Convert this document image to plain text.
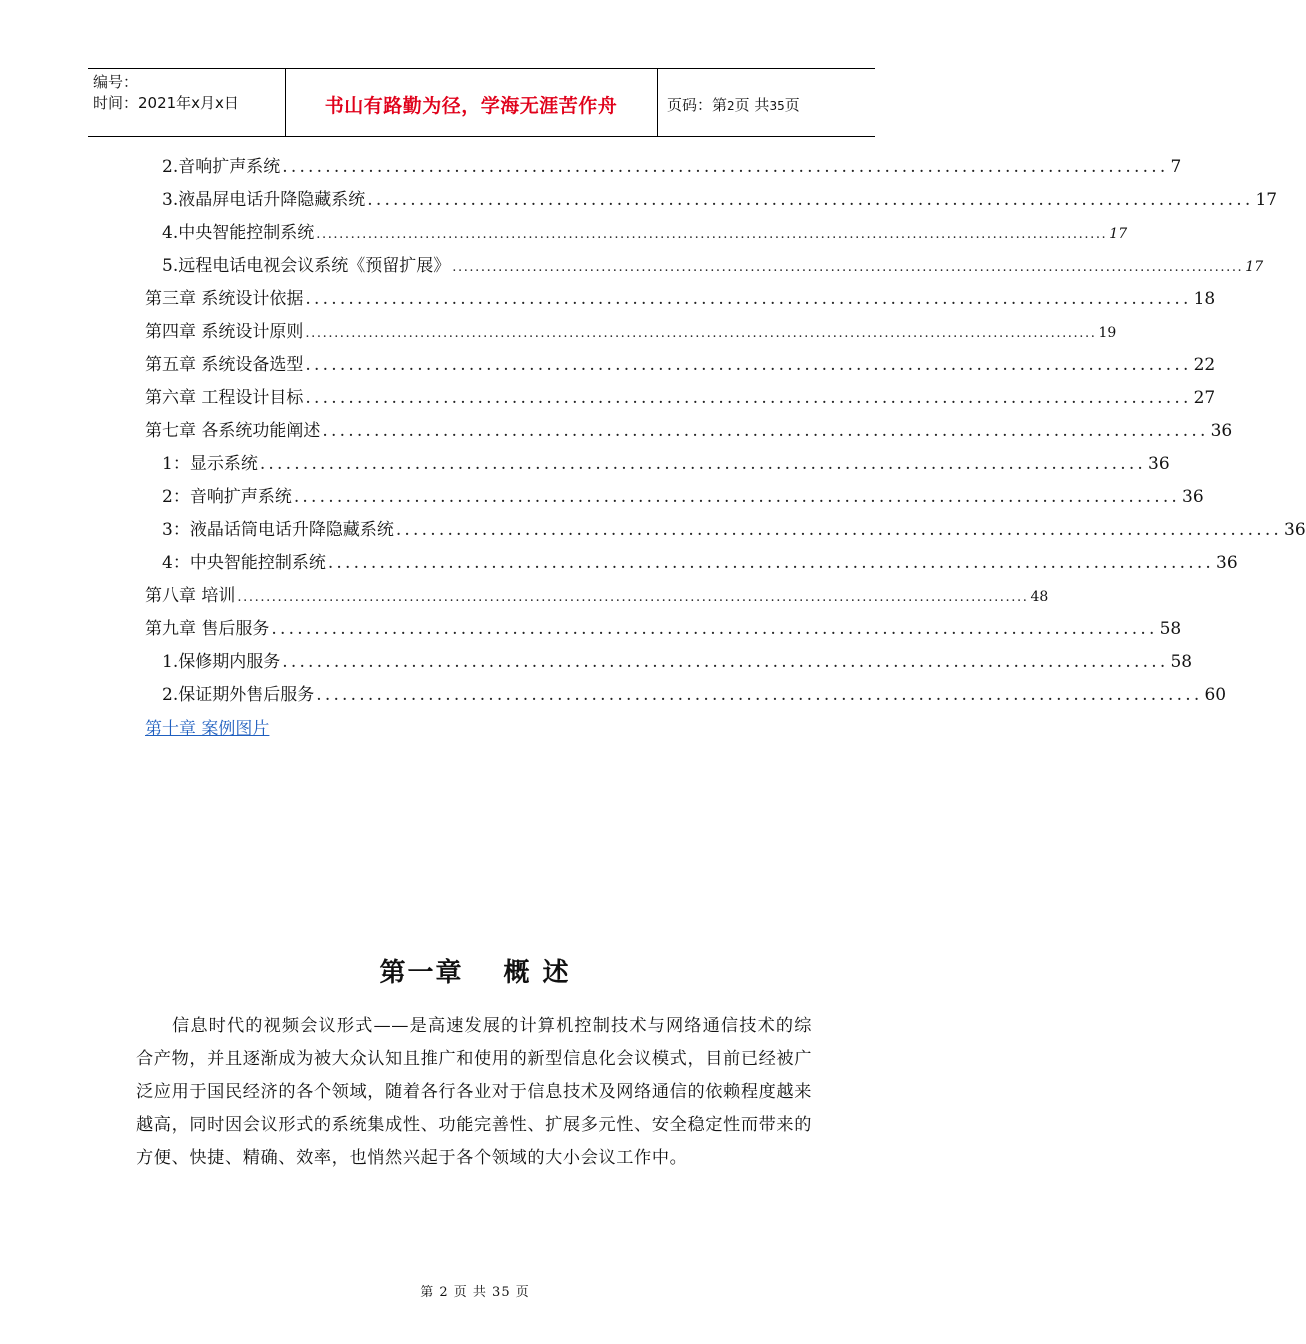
编号：
时间：2021年x月x日	书山有路勤为径，学海无涯苦作舟	页码：第2页 共35页
2.音响扩声系统 ....................................................................................................... 7
3.液晶屏电话升降隐藏系统 ....................................................................................................... 17
4.中央智能控制系统 .......................................................................................................................................... 17
5.远程电话电视会议系统《预留扩展》 .......................................................................................................................................... 17
第三章 系统设计依据 ....................................................................................................... 18
第四章 系统设计原则 .......................................................................................................................................... 19
第五章 系统设备选型 ....................................................................................................... 22
第六章 工程设计目标 ....................................................................................................... 27
第七章 各系统功能阐述 ....................................................................................................... 36
1：显示系统 ....................................................................................................... 36
2：音响扩声系统 ....................................................................................................... 36
3：液晶话筒电话升降隐藏系统 ....................................................................................................... 36
4：中央智能控制系统 ....................................................................................................... 36
第八章 培训 .......................................................................................................................................... 48
第九章 售后服务 ....................................................................................................... 58
1.保修期内服务 ....................................................................................................... 58
2.保证期外售后服务 ....................................................................................................... 60
第十章 案例图片
第一章 概 述
信息时代的视频会议形式——是高速发展的计算机控制技术与网络通信技术的综合产物，并且逐渐成为被大众认知且推广和使用的新型信息化会议模式，目前已经被广泛应用于国民经济的各个领域，随着各行各业对于信息技术及网络通信的依赖程度越来越高，同时因会议形式的系统集成性、功能完善性、扩展多元性、安全稳定性而带来的方便、快捷、精确、效率，也悄然兴起于各个领域的大小会议工作中。
第 2 页 共 35 页
